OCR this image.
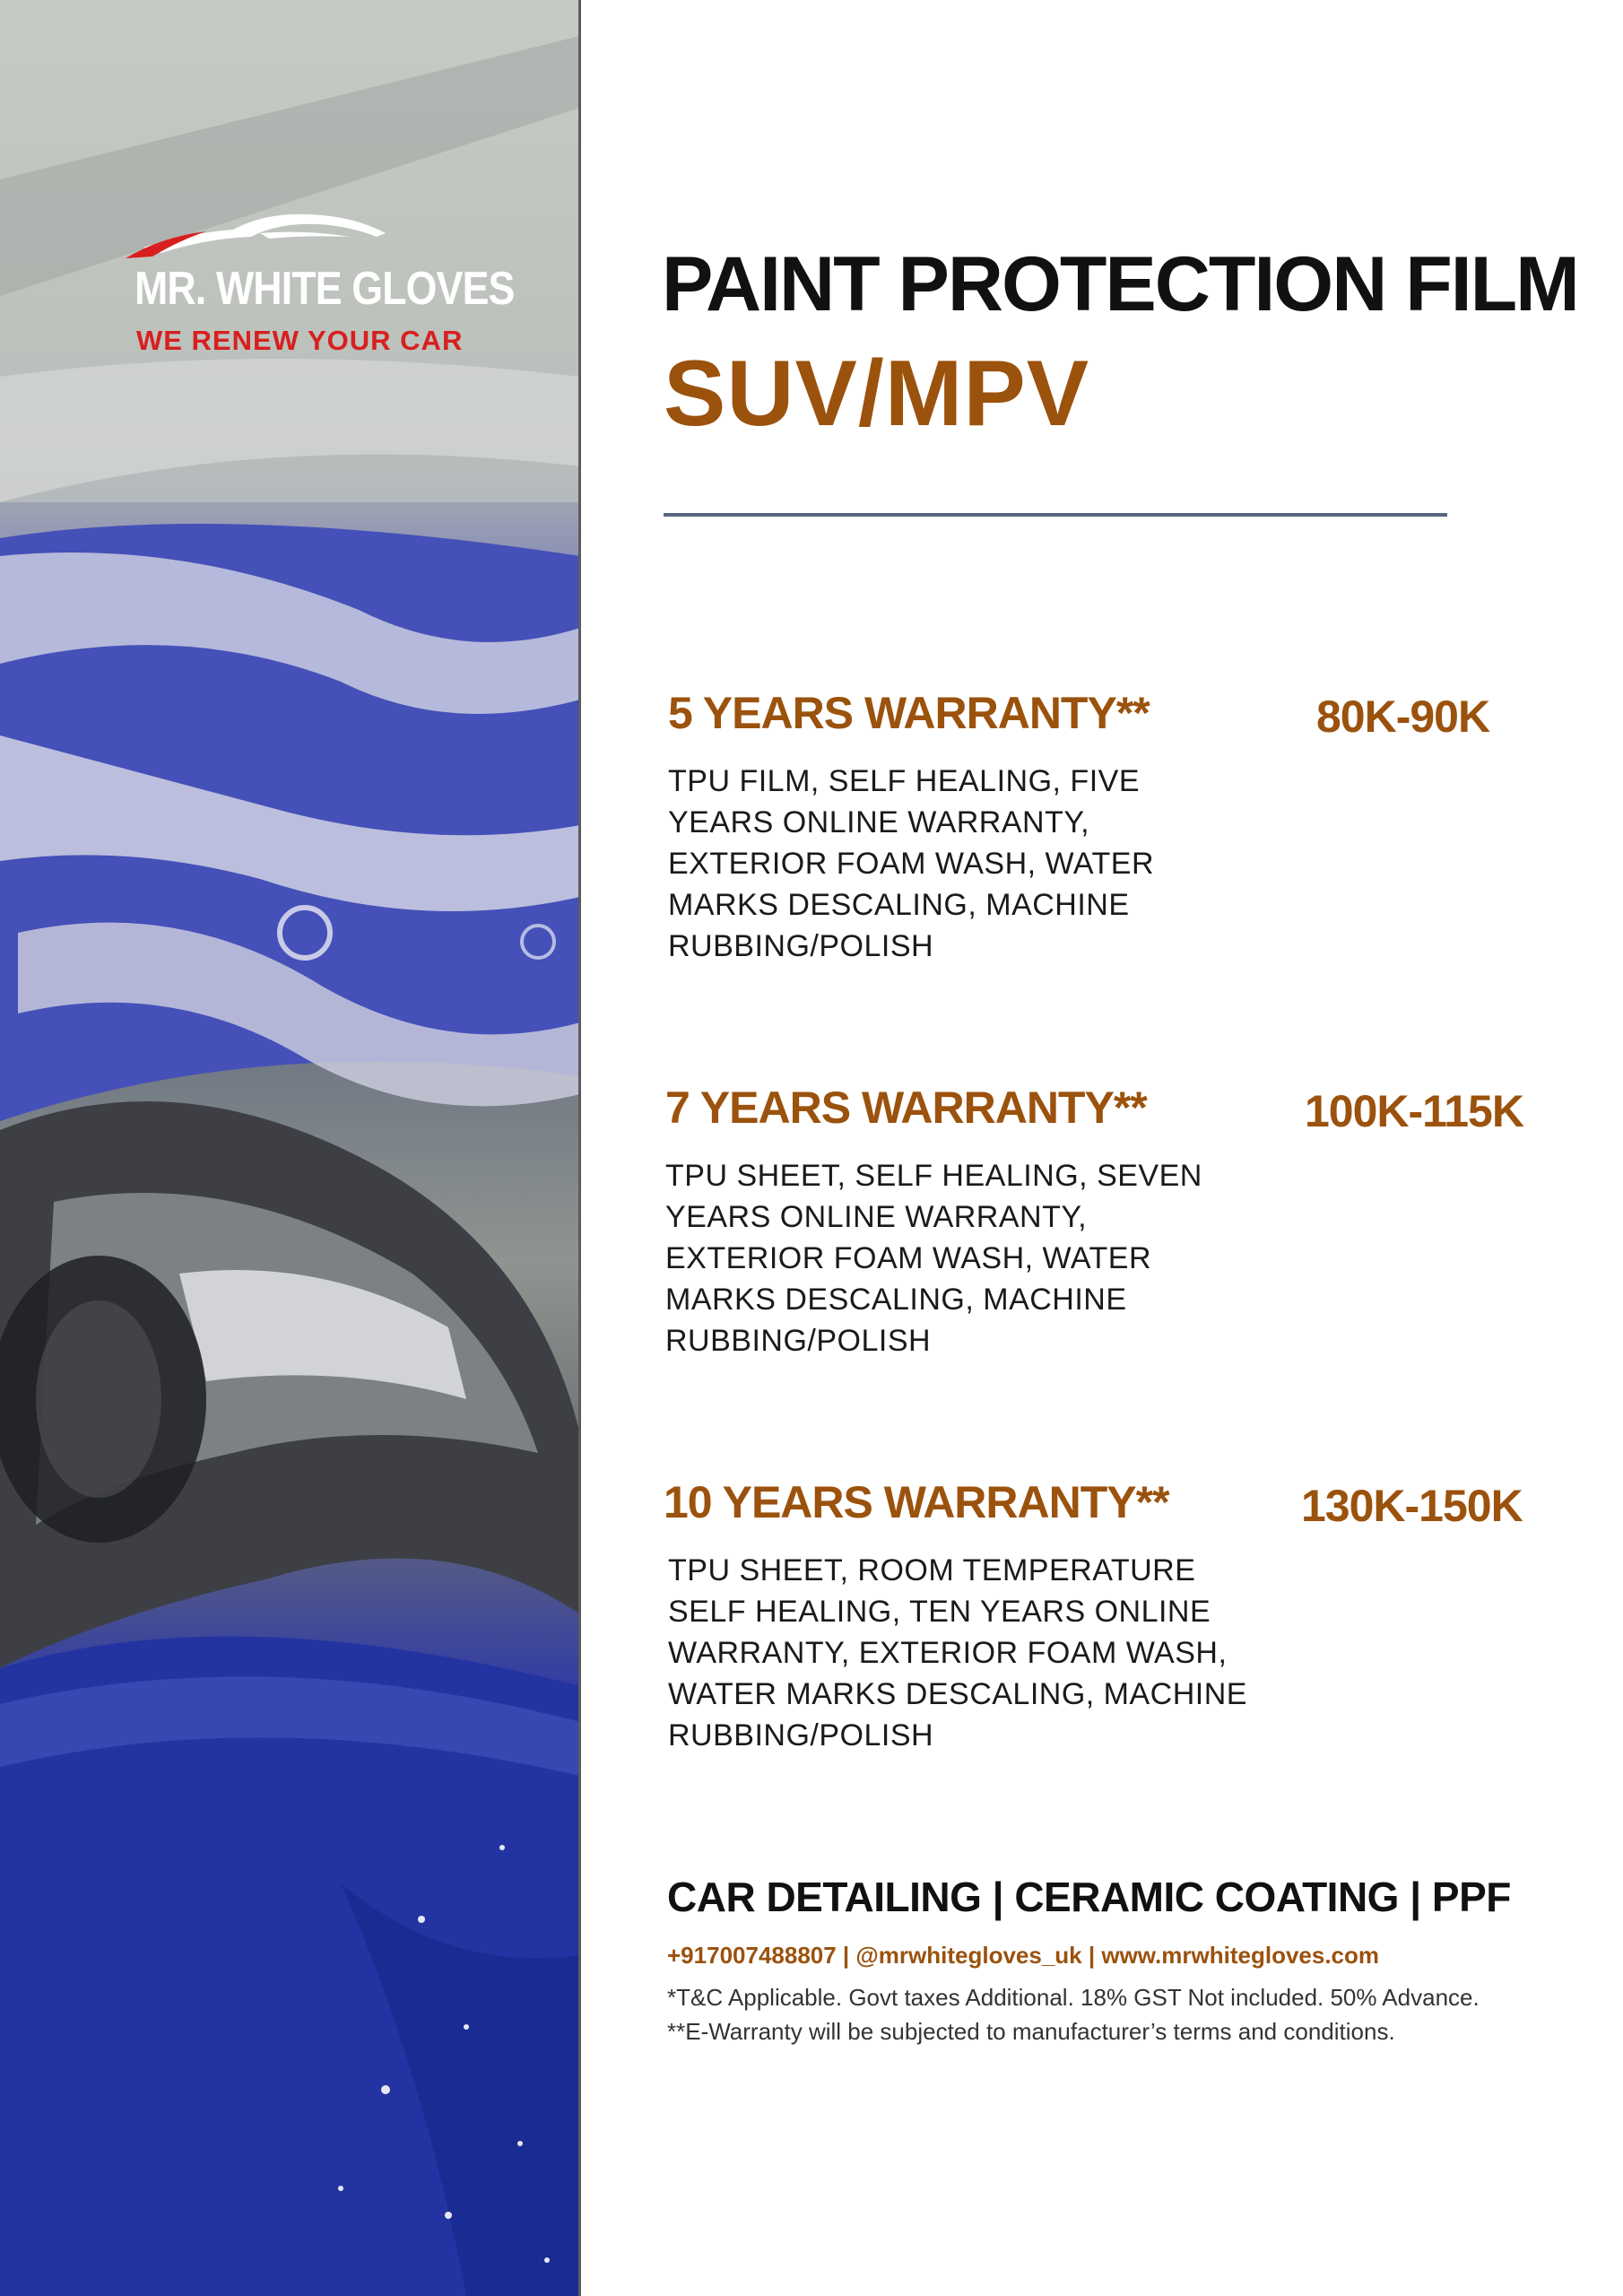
MR. WHITE GLOVES
WE RENEW YOUR CAR
PAINT PROTECTION FILM
SUV/MPV
5 YEARS WARRANTY**	80K-90K
TPU FILM, SELF HEALING, FIVE YEARS ONLINE WARRANTY, EXTERIOR FOAM WASH, WATER MARKS DESCALING, MACHINE RUBBING/POLISH
7 YEARS WARRANTY**	100K-115K
TPU SHEET, SELF HEALING, SEVEN YEARS ONLINE WARRANTY, EXTERIOR FOAM WASH, WATER MARKS DESCALING, MACHINE RUBBING/POLISH
10 YEARS WARRANTY**	130K-150K
TPU SHEET, ROOM TEMPERATURE SELF HEALING, TEN YEARS ONLINE WARRANTY, EXTERIOR FOAM WASH, WATER MARKS DESCALING, MACHINE RUBBING/POLISH
CAR DETAILING | CERAMIC COATING | PPF
+917007488807 | @mrwhitegloves_uk | www.mrwhitegloves.com
*T&C Applicable. Govt taxes Additional. 18% GST Not included. 50% Advance.
**E-Warranty will be subjected to manufacturer’s terms and conditions.
